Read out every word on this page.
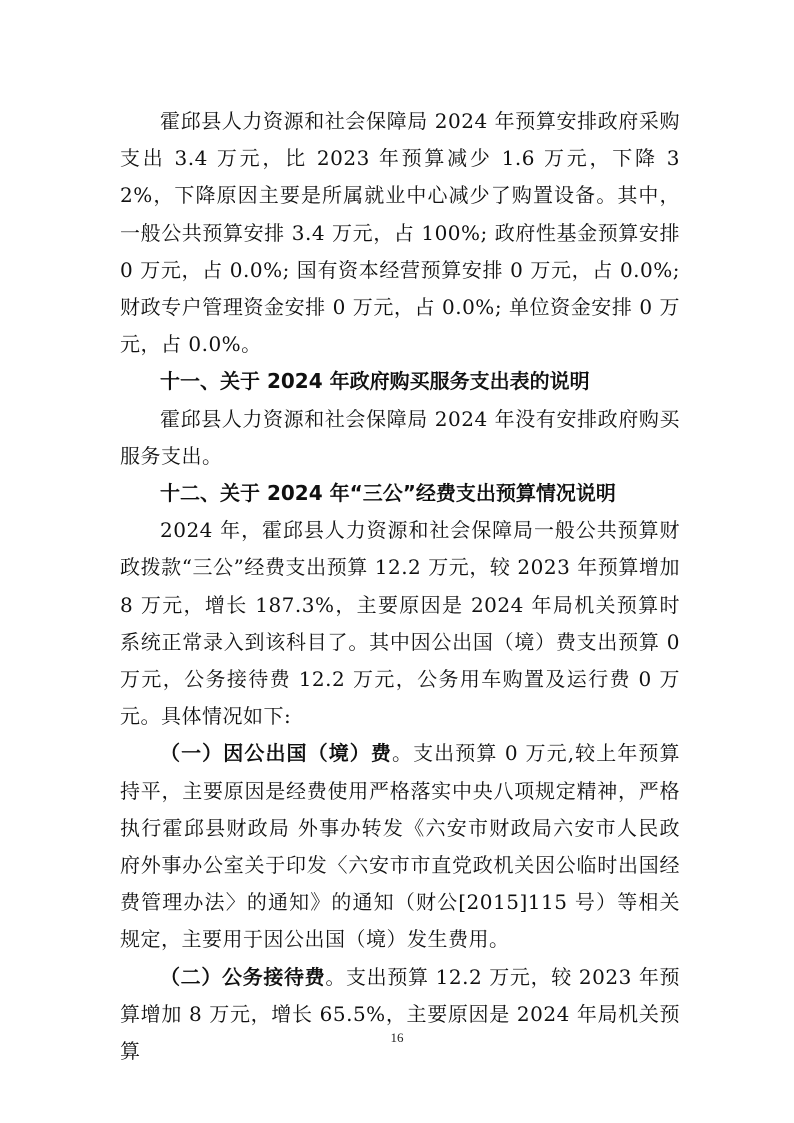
霍邱县人力资源和社会保障局 2024 年预算安排政府采购支出 3.4 万元，比 2023 年预算减少 1.6 万元，下降 32%，下降原因主要是所属就业中心减少了购置设备。其中，一般公共预算安排 3.4 万元，占 100%; 政府性基金预算安排 0 万元，占 0.0%; 国有资本经营预算安排 0 万元，占 0.0%; 财政专户管理资金安排 0 万元，占 0.0%; 单位资金安排 0 万元，占 0.0%。

十一、关于 2024 年政府购买服务支出表的说明

霍邱县人力资源和社会保障局 2024 年没有安排政府购买服务支出。

十二、关于 2024 年“三公”经费支出预算情况说明

2024 年，霍邱县人力资源和社会保障局一般公共预算财政拨款“三公”经费支出预算 12.2 万元，较 2023 年预算增加 8 万元，增长 187.3%，主要原因是 2024 年局机关预算时系统正常录入到该科目了。其中因公出国（境）费支出预算 0 万元，公务接待费 12.2 万元，公务用车购置及运行费 0 万元。具体情况如下:

（一）因公出国（境）费。支出预算 0 万元,较上年预算持平，主要原因是经费使用严格落实中央八项规定精神，严格执行霍邱县财政局 外事办转发《六安市财政局六安市人民政府外事办公室关于印发〈六安市市直党政机关因公临时出国经费管理办法〉的通知》的通知（财公[2015]115 号）等相关规定，主要用于因公出国（境）发生费用。

（二）公务接待费。支出预算 12.2 万元，较 2023 年预算增加 8 万元，增长 65.5%，主要原因是 2024 年局机关预算

16
